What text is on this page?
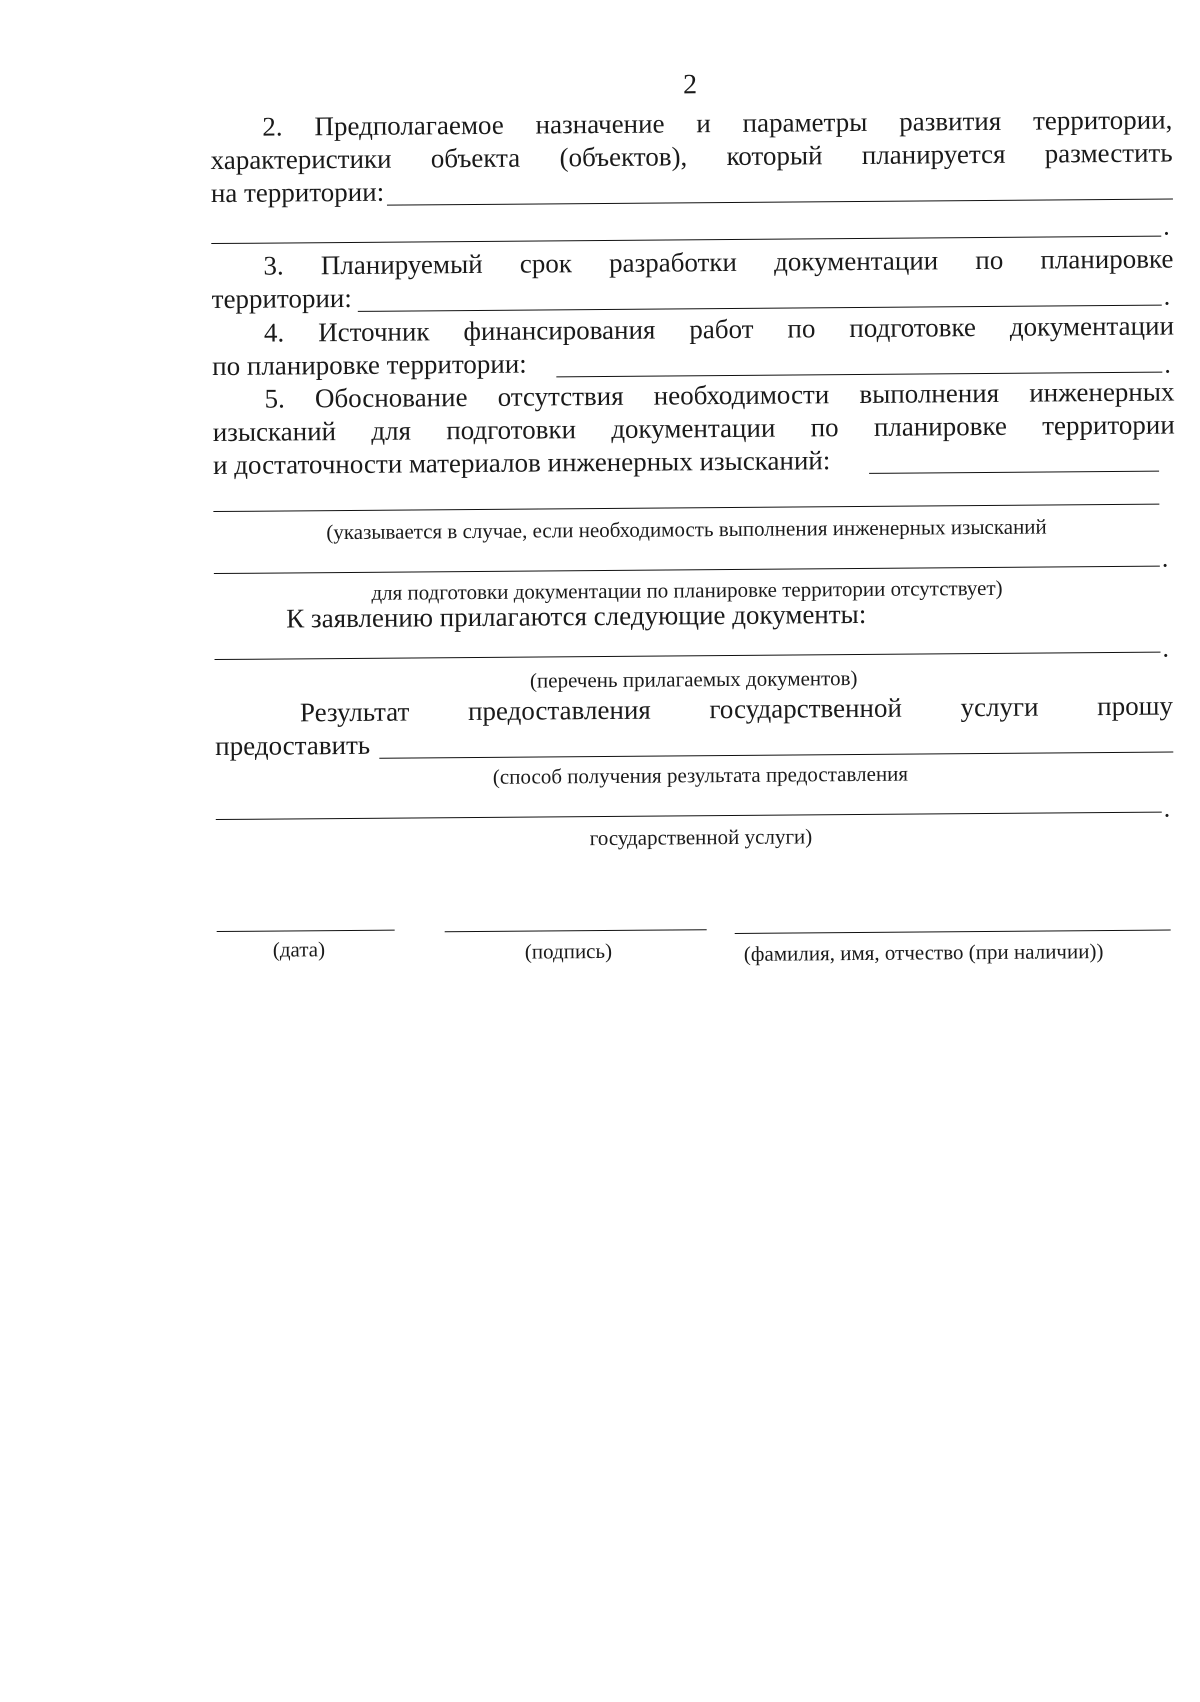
2
2. Предполагаемое назначение и параметры развития территории,
характеристики объекта (объектов), который планируется разместить
на территории:
.
3. Планируемый срок разработки документации по планировке
территории:	.
4. Источник финансирования работ по подготовке документации
по планировке территории:	.
5. Обоснование отсутствия необходимости выполнения инженерных
изысканий для подготовки документации по планировке территории
и достаточности материалов инженерных изысканий:
(указывается в случае, если необходимость выполнения инженерных изысканий
.
для подготовки документации по планировке территории отсутствует)
К заявлению прилагаются следующие документы:
.
(перечень прилагаемых документов)
Результат предоставления государственной услуги прошу
предоставить
(способ получения результата предоставления
.
государственной услуги)
(дата)	(подпись)	(фамилия, имя, отчество (при наличии))
